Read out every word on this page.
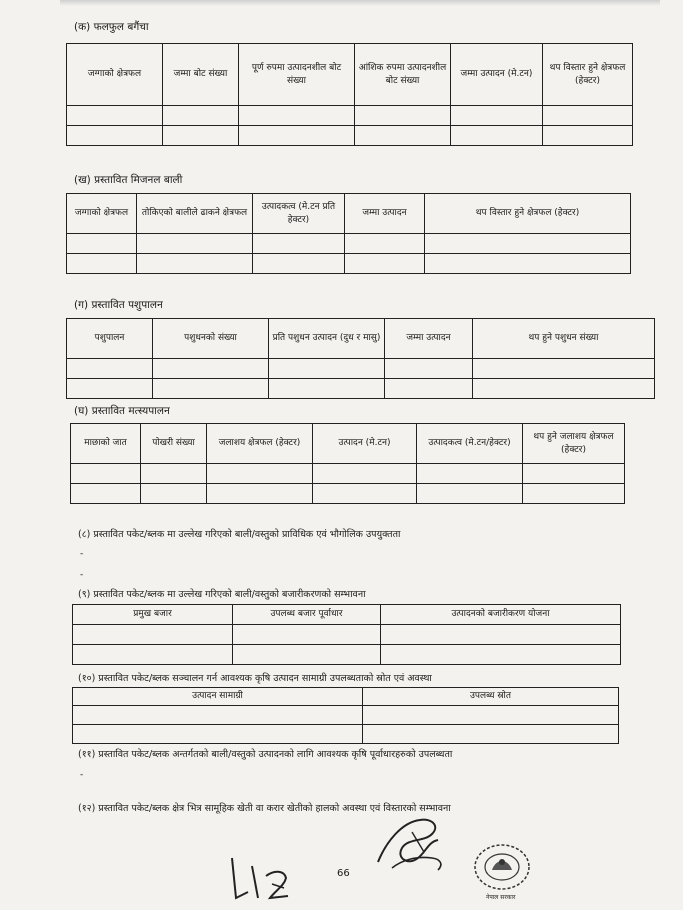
(क) फलफुल बगैंचा
जग्गाको क्षेत्रफल	जम्मा बोट संख्या	पूर्ण रुपमा उत्पादनशील बोट संख्या	आंशिक रुपमा उत्पादनशील बोट संख्या	जम्मा उत्पादन (मे.टन)	थप विस्तार हुने क्षेत्रफल (हेक्टर)

(ख) प्रस्तावित मिजनल बाली
जग्गाको क्षेत्रफल	तोकिएको बालीले ढाकने क्षेत्रफल	उत्पादकत्व (मे.टन प्रति हेक्टर)	जम्मा उत्पादन	थप विस्तार हुने क्षेत्रफल (हेक्टर)

(ग) प्रस्तावित पशुपालन
पशुपालन	पशुधनको संख्या	प्रति पशुधन उत्पादन (दुध र मासु)	जम्मा उत्पादन	थप हुने पशुधन संख्या

(घ) प्रस्तावित मत्स्यपालन
माछाको जात	पोखरी संख्या	जलाशय क्षेत्रफल (हेक्टर)	उत्पादन (मे.टन)	उत्पादकत्व (मे.टन/हेक्टर)	थप हुने जलाशय क्षेत्रफल (हेक्टर)

(८) प्रस्तावित पकेट/ब्लक मा उल्लेख गरिएको बाली/वस्तुको प्राविधिक एवं भौगोलिक उपयुक्तता
-
-
(९) प्रस्तावित पकेट/ब्लक मा उल्लेख गरिएको बाली/वस्तुको बजारीकरणको सम्भावना
प्रमुख बजार	उपलब्ध बजार पूर्वाधार	उत्पादनको बजारीकरण योजना

(१०) प्रस्तावित पकेट/ब्लक सञ्चालन गर्न आवश्यक कृषि उत्पादन सामाग्री उपलब्धताको स्रोत एवं अवस्था
उत्पादन सामाग्री	उपलब्ध स्रोत

(११) प्रस्तावित पकेट/ब्लक अन्तर्गतको बाली/वस्तुको उत्पादनको लागि आवश्यक कृषि पूर्वाधारहरुको उपलब्धता
-
(१२) प्रस्तावित पकेट/ब्लक क्षेत्र भित्र सामूहिक खेती वा करार खेतीको हालको अवस्था एवं विस्तारको सम्भावना
66
नेपाल सरकार
